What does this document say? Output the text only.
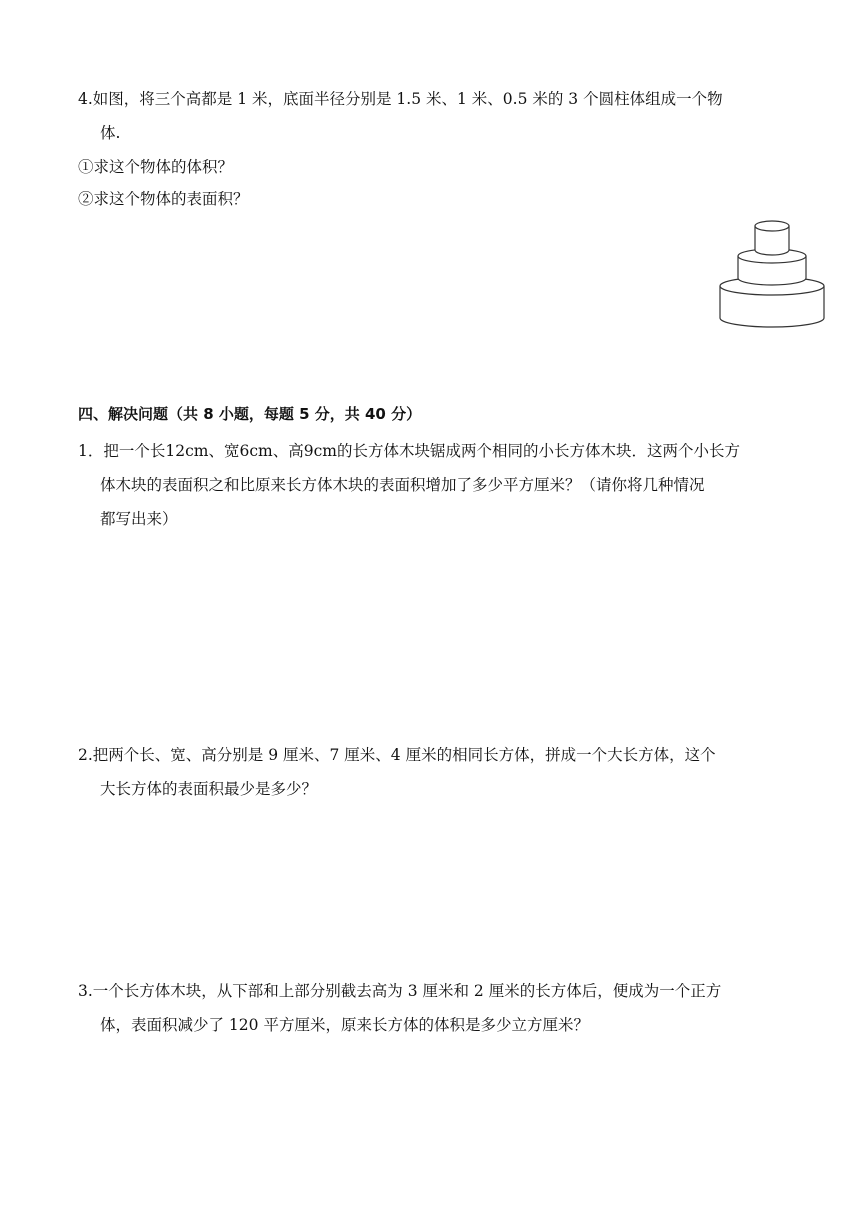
4.如图，将三个高都是 1 米，底面半径分别是 1.5 米、1 米、0.5 米的 3 个圆柱体组成一个物
体.
①求这个物体的体积？
②求这个物体的表面积？
四、解决问题（共 8 小题，每题 5 分，共 40 分）
1．把一个长12cm、宽6cm、高9cm的长方体木块锯成两个相同的小长方体木块．这两个小长方
体木块的表面积之和比原来长方体木块的表面积增加了多少平方厘米？（请你将几种情况
都写出来）
2.把两个长、宽、高分别是 9 厘米、7 厘米、4 厘米的相同长方体，拼成一个大长方体，这个
大长方体的表面积最少是多少？
3.一个长方体木块，从下部和上部分别截去高为 3 厘米和 2 厘米的长方体后，便成为一个正方
体，表面积减少了 120 平方厘米，原来长方体的体积是多少立方厘米？
